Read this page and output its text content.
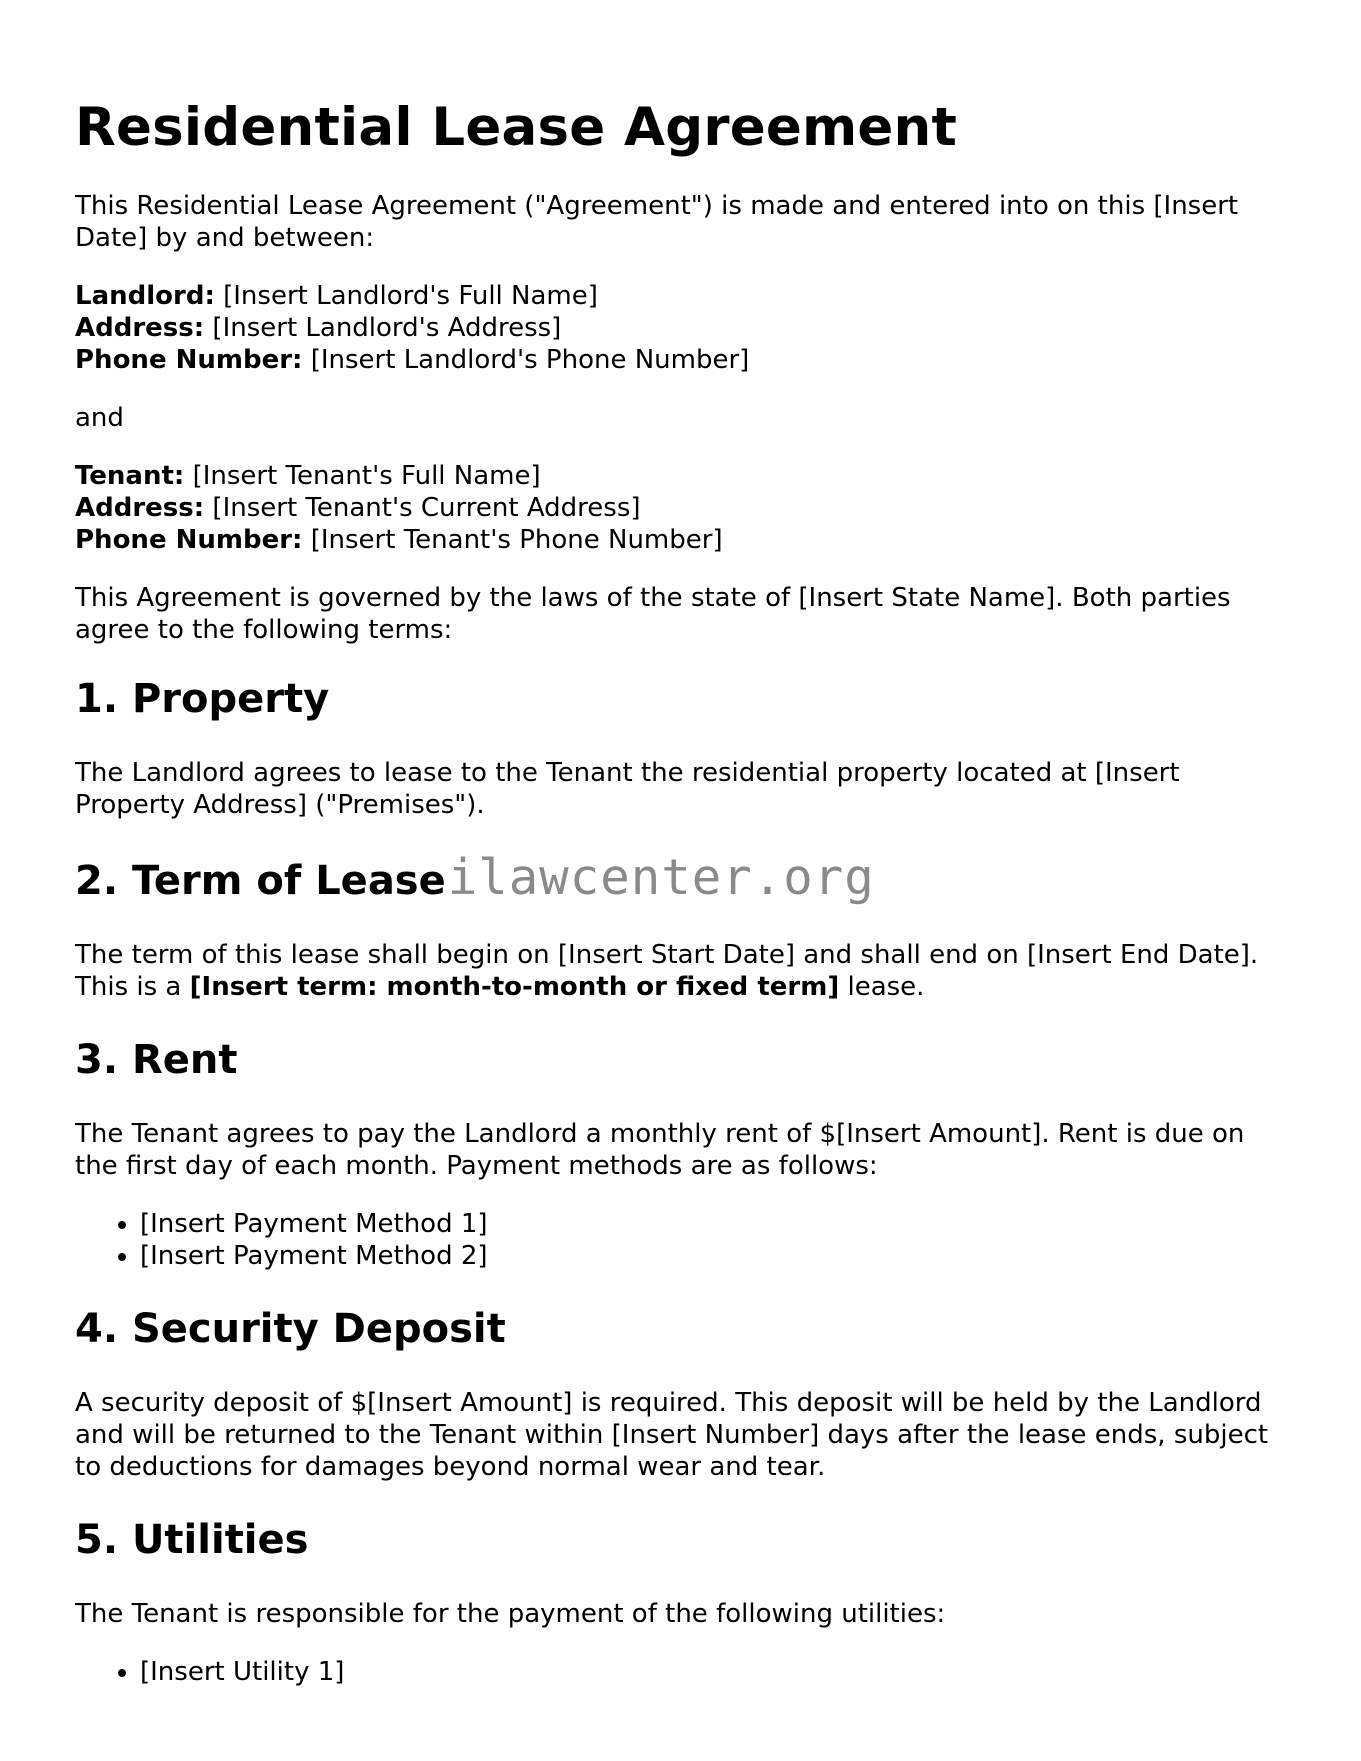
Residential Lease Agreement

This Residential Lease Agreement ("Agreement") is made and entered into on this [Insert Date] by and between:

Landlord: [Insert Landlord's Full Name]

Address: [Insert Landlord's Address]

Phone Number: [Insert Landlord's Phone Number]

and

Tenant: [Insert Tenant's Full Name]

Address: [Insert Tenant's Current Address]

Phone Number: [Insert Tenant's Phone Number]

This Agreement is governed by the laws of the state of [Insert State Name]. Both parties agree to the following terms:

1. Property

The Landlord agrees to lease to the Tenant the residential property located at [Insert Property Address] ("Premises").

2. Term of Leaseilawcenter.org

The term of this lease shall begin on [Insert Start Date] and shall end on [Insert End Date]. This is a [Insert term: month-to-month or fixed term] lease.

3. Rent

The Tenant agrees to pay the Landlord a monthly rent of $[Insert Amount]. Rent is due on the first day of each month. Payment methods are as follows:

• [Insert Payment Method 1]
• [Insert Payment Method 2]
4. Security Deposit

A security deposit of $[Insert Amount] is required. This deposit will be held by the Landlord and will be returned to the Tenant within [Insert Number] days after the lease ends, subject to deductions for damages beyond normal wear and tear.

5. Utilities

The Tenant is responsible for the payment of the following utilities:

• [Insert Utility 1]
